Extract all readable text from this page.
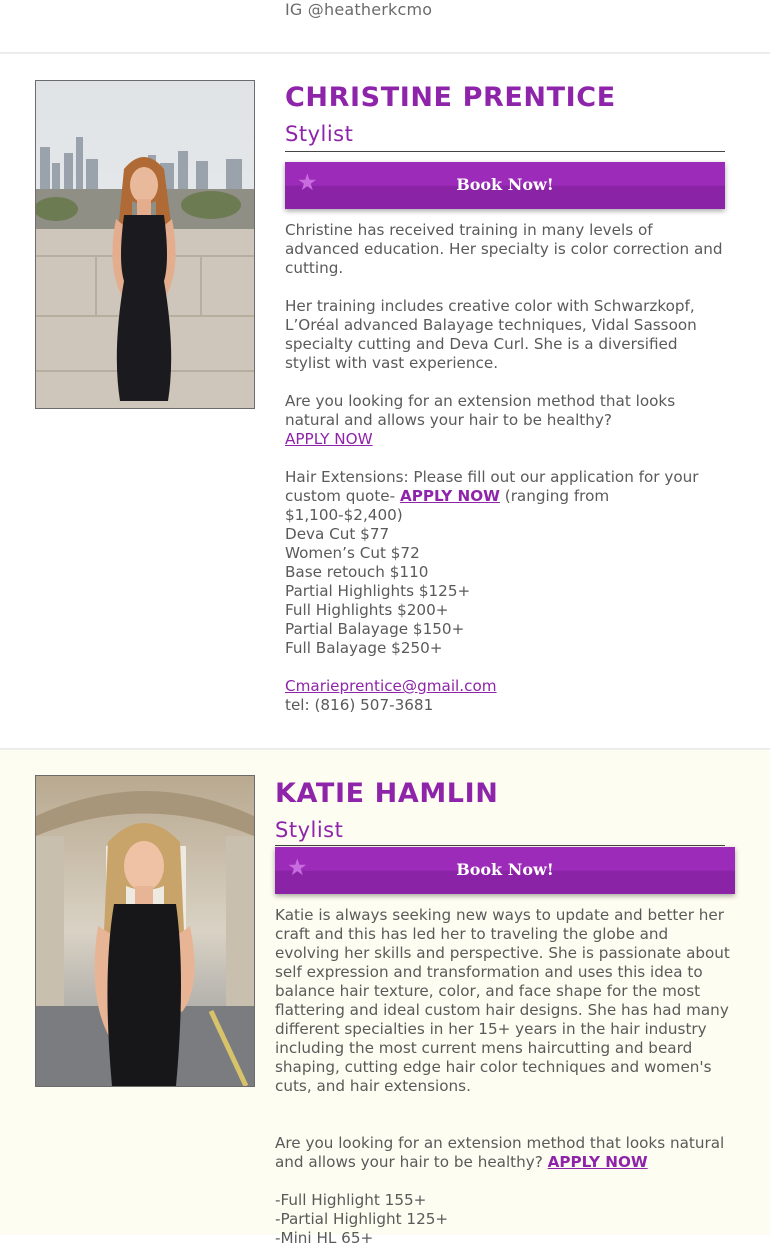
IG @heatherkcmo
CHRISTINE PRENTICE
Stylist
★	Book Now!

Christine has received training in many levels of advanced education. Her specialty is color correction and cutting.

Her training includes creative color with Schwarzkopf, L’Oréal advanced Balayage techniques, Vidal Sassoon specialty cutting and Deva Curl. She is a diversified stylist with vast experience.

Are you looking for an extension method that looks natural and allows your hair to be healthy?

APPLY NOW

Hair Extensions: Please fill out our application for your custom quote- APPLY NOW (ranging from $1,100-$2,400)

Deva Cut $77

Women’s Cut $72

Base retouch $110

Partial Highlights $125+

Full Highlights $200+

Partial Balayage $150+

Full Balayage $250+

Cmarieprentice@gmail.com

tel: (816) 507-3681

KATIE HAMLIN
Stylist
★	Book Now!

Katie is always seeking new ways to update and better her craft and this has led her to traveling the globe and evolving her skills and perspective. She is passionate about self expression and transformation and uses this idea to balance hair texture, color, and face shape for the most flattering and ideal custom hair designs. She has had many different specialties in her 15+ years in the hair industry including the most current mens haircutting and beard shaping, cutting edge hair color techniques and women's cuts, and hair extensions.

Are you looking for an extension method that looks natural and allows your hair to be healthy? APPLY NOW

-Full Highlight 155+

-Partial Highlight 125+

-Mini HL 65+
